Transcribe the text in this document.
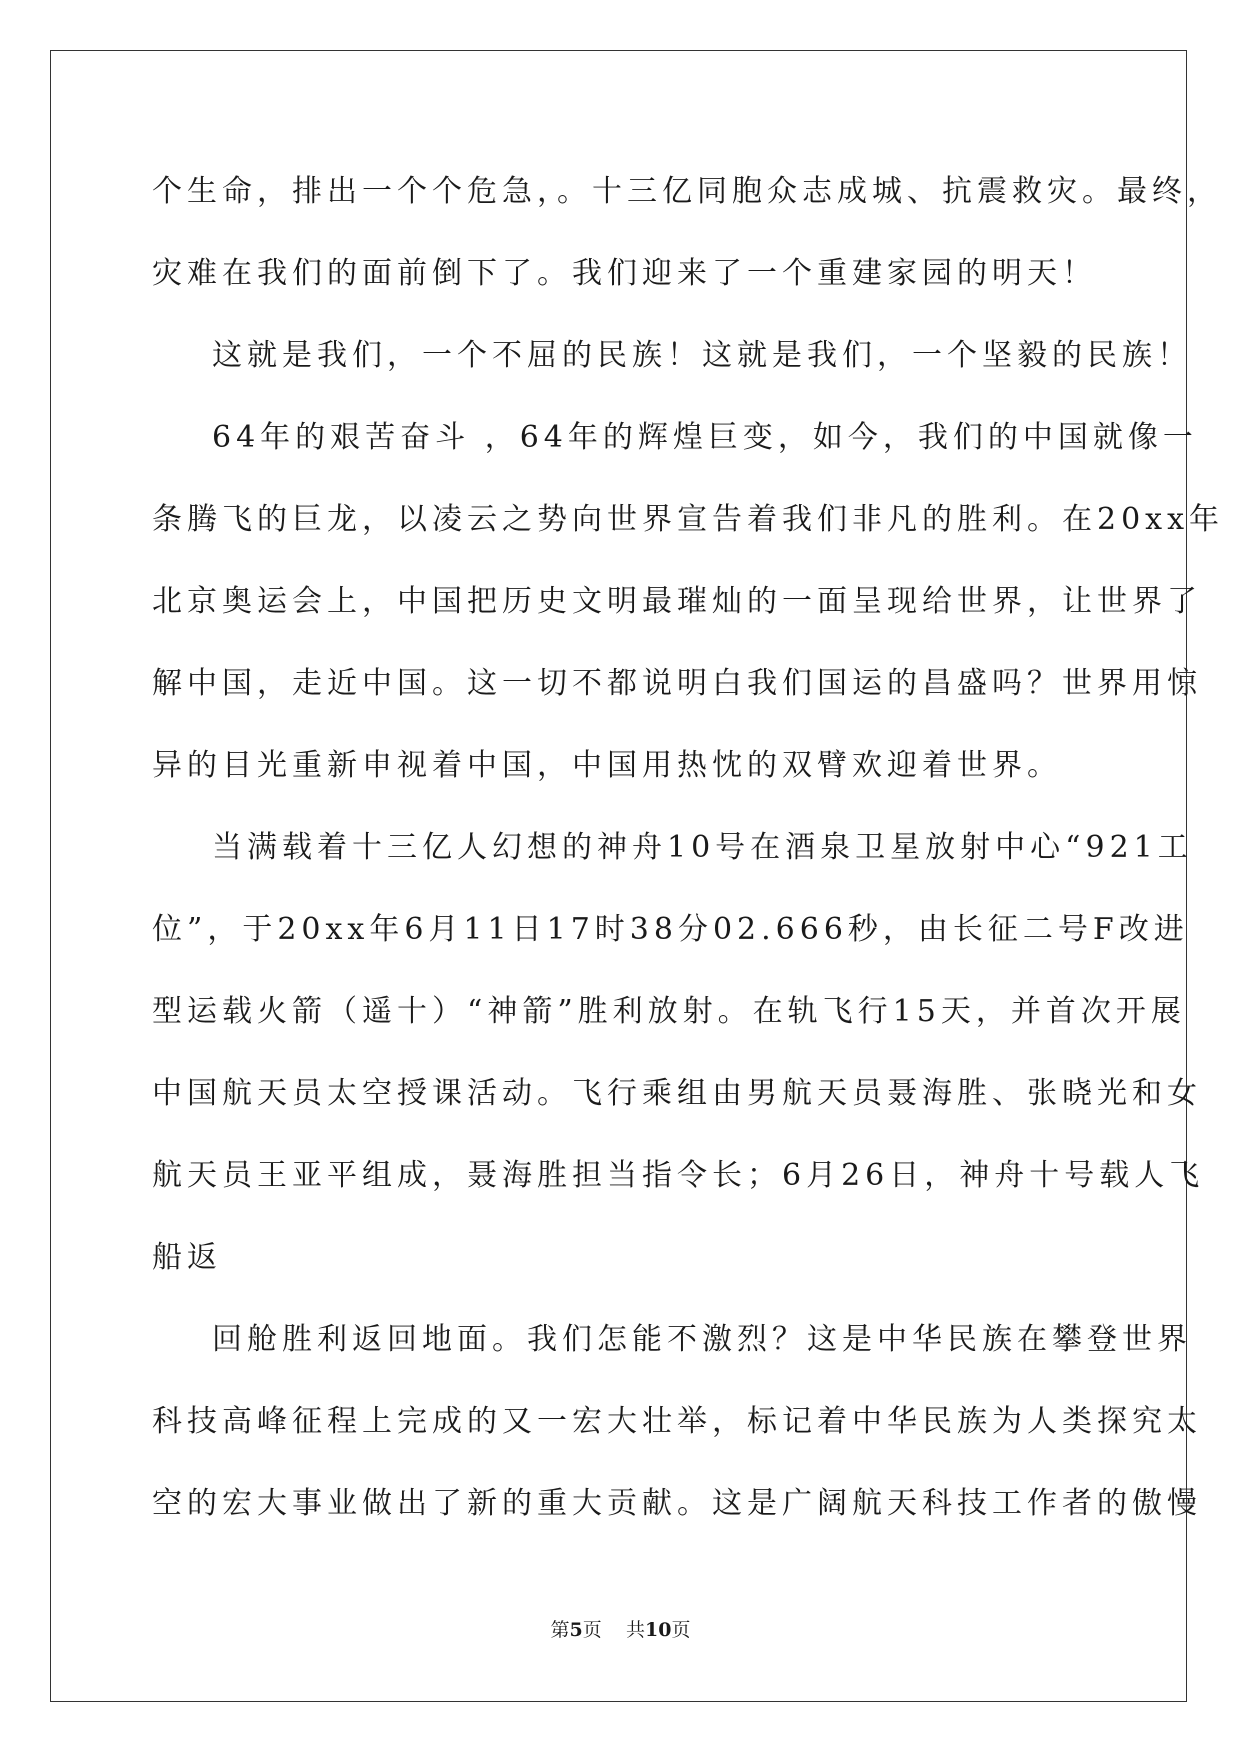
个生命，排出一个个危急，。十三亿同胞众志成城、抗震救灾。最终，
灾难在我们的面前倒下了。我们迎来了一个重建家园的明天！
这就是我们，一个不屈的民族！这就是我们，一个坚毅的民族！
64年的艰苦奋斗 ，64年的辉煌巨变，如今，我们的中国就像一
条腾飞的巨龙，以凌云之势向世界宣告着我们非凡的胜利。在20xx年
北京奥运会上，中国把历史文明最璀灿的一面呈现给世界，让世界了
解中国，走近中国。这一切不都说明白我们国运的昌盛吗？世界用惊
异的目光重新申视着中国，中国用热忱的双臂欢迎着世界。
当满载着十三亿人幻想的神舟10号在酒泉卫星放射中心“921工
位”，于20xx年6月11日17时38分02.666秒，由长征二号F改进
型运载火箭（遥十）“神箭”胜利放射。在轨飞行15天，并首次开展
中国航天员太空授课活动。飞行乘组由男航天员聂海胜、张晓光和女
航天员王亚平组成，聂海胜担当指令长；6月26日，神舟十号载人飞
船返
回舱胜利返回地面。我们怎能不激烈？这是中华民族在攀登世界
科技高峰征程上完成的又一宏大壮举，标记着中华民族为人类探究太
空的宏大事业做出了新的重大贡献。这是广阔航天科技工作者的傲慢
第5页 共10页
